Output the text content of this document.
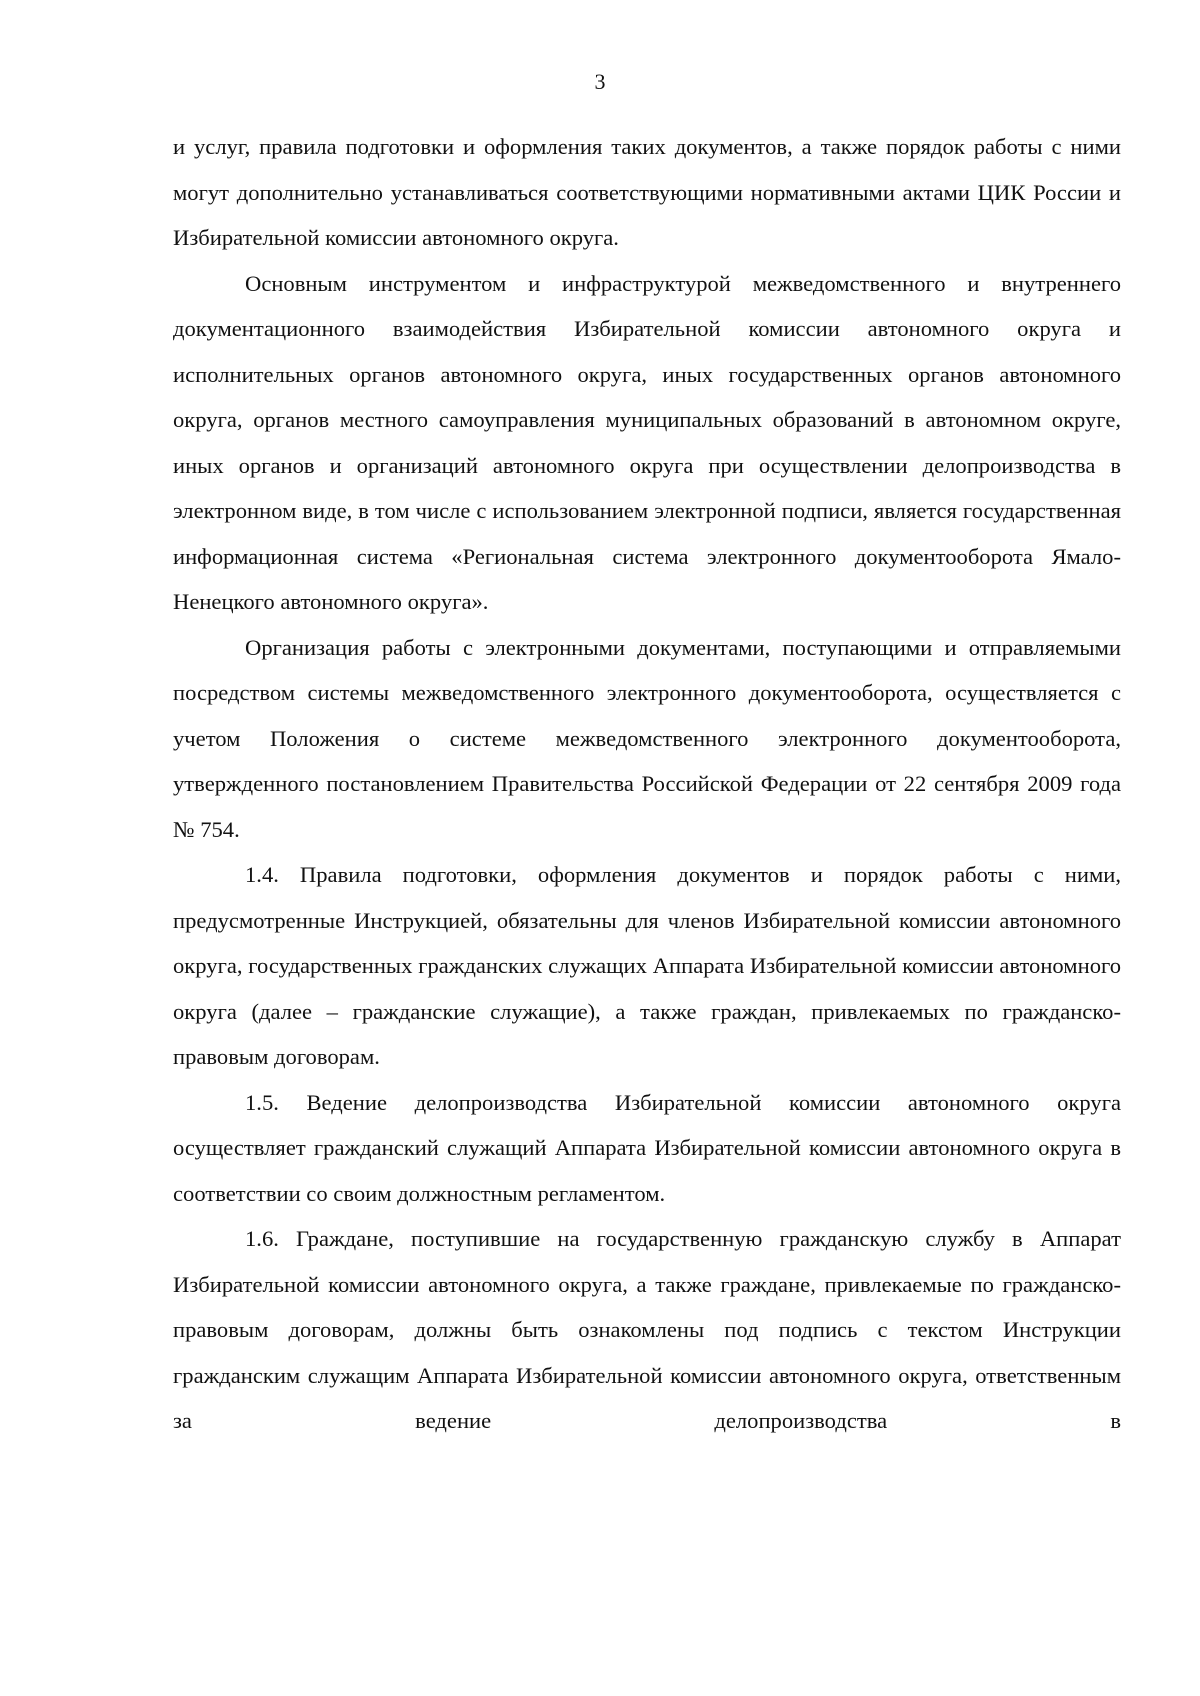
3

и услуг, правила подготовки и оформления таких документов, а также порядок работы с ними могут дополнительно устанавливаться соответствующими нормативными актами ЦИК России и Избирательной комиссии автономного округа.

Основным инструментом и инфраструктурой межведомственного и внутреннего документационного взаимодействия Избирательной комиссии автономного округа и исполнительных органов автономного округа, иных государственных органов автономного округа, органов местного самоуправления муниципальных образований в автономном округе, иных органов и организаций автономного округа при осуществлении делопроизводства в электронном виде, в том числе с использованием электронной подписи, является государственная информационная система «Региональная система электронного документооборота Ямало-Ненецкого автономного округа».

Организация работы с электронными документами, поступающими и отправляемыми посредством системы межведомственного электронного документооборота, осуществляется с учетом Положения о системе межведомственного электронного документооборота, утвержденного постановлением Правительства Российской Федерации от 22 сентября 2009 года № 754.

1.4. Правила подготовки, оформления документов и порядок работы с ними, предусмотренные Инструкцией, обязательны для членов Избирательной комиссии автономного округа, государственных гражданских служащих Аппарата Избирательной комиссии автономного округа (далее – гражданские служащие), а также граждан, привлекаемых по гражданско-правовым договорам.

1.5. Ведение делопроизводства Избирательной комиссии автономного округа осуществляет гражданский служащий Аппарата Избирательной комиссии автономного округа в соответствии со своим должностным регламентом.

1.6. Граждане, поступившие на государственную гражданскую службу в Аппарат Избирательной комиссии автономного округа, а также граждане, привлекаемые по гражданско-правовым договорам, должны быть ознакомлены под подпись с текстом Инструкции гражданским служащим Аппарата Избирательной комиссии автономного округа, ответственным за ведение делопроизводства в
